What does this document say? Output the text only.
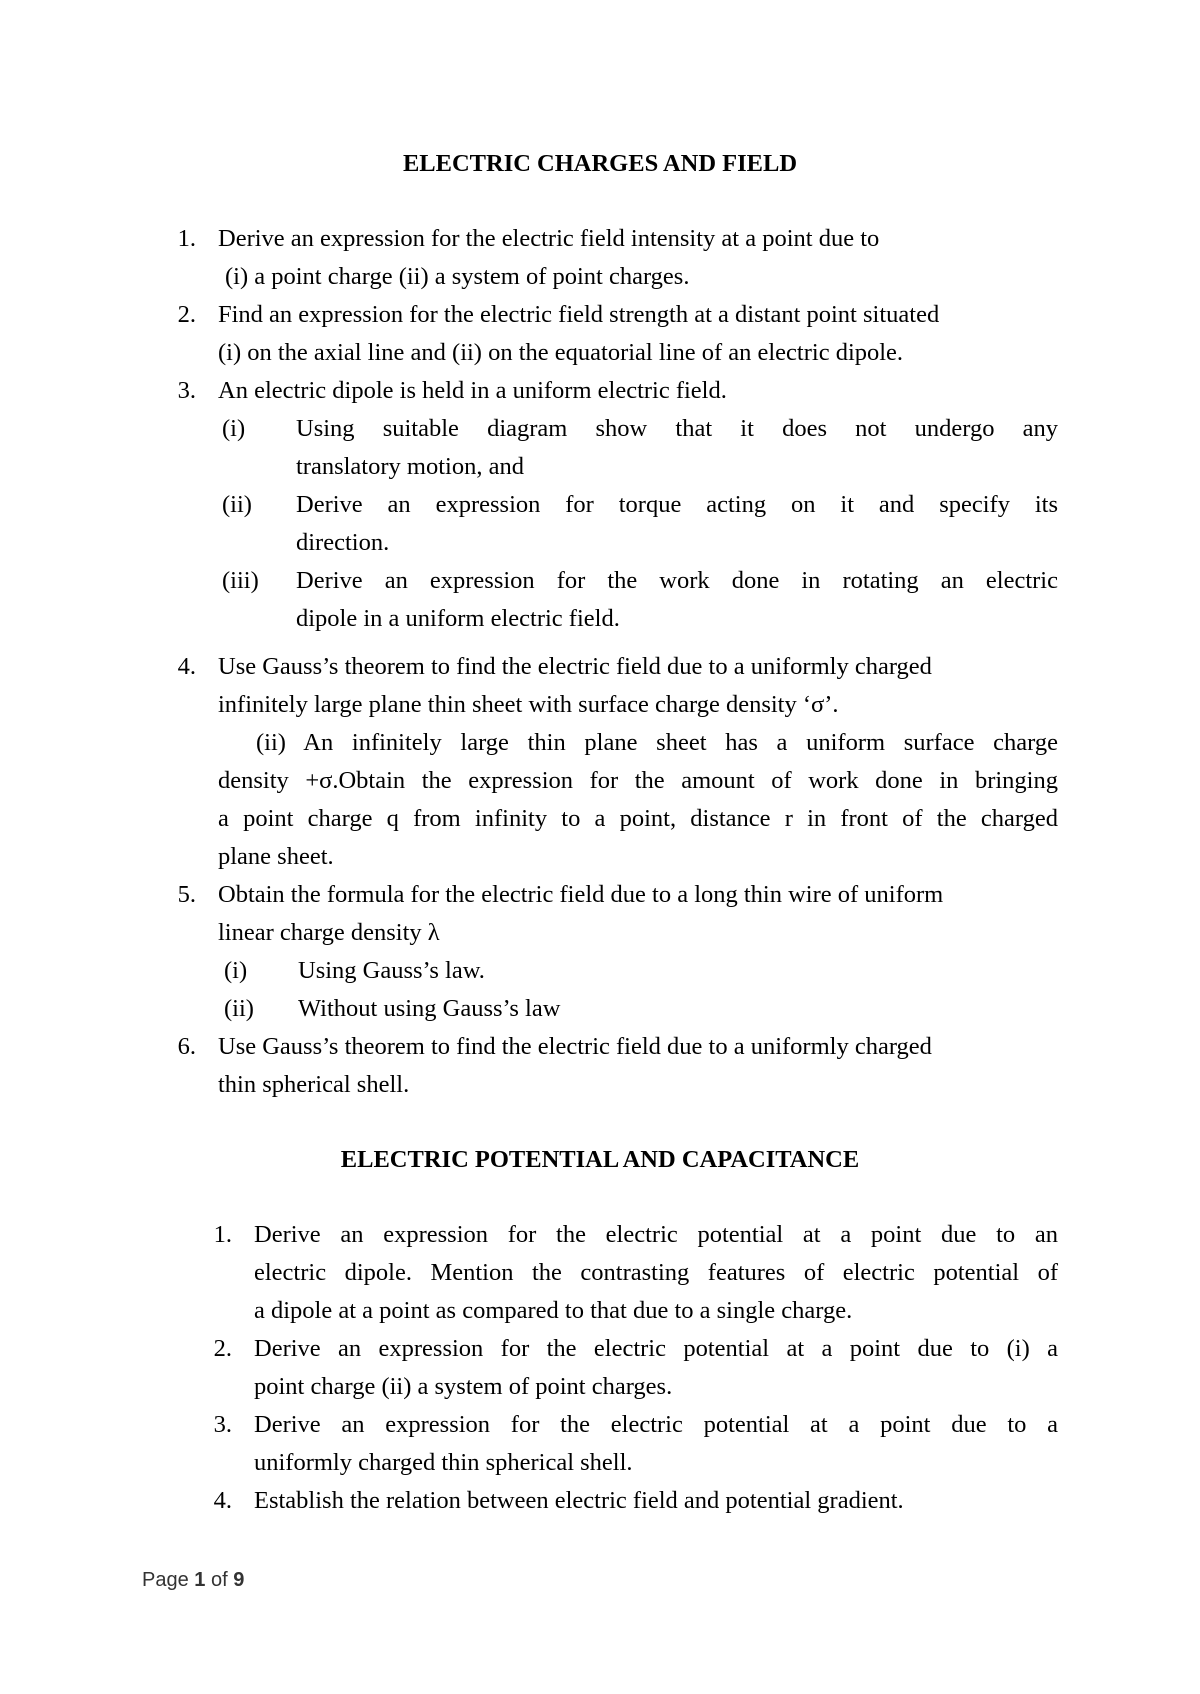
ELECTRIC CHARGES AND FIELD
1. Derive an expression for the electric field intensity at a point due to
(i) a point charge (ii) a system of point charges.
2. Find an expression for the electric field strength at a distant point situated
(i) on the axial line and (ii) on the equatorial line of an electric dipole.
3. An electric dipole is held in a uniform electric field.
(i) Using suitable diagram show that it does not undergo any
translatory motion, and
(ii) Derive an expression for torque acting on it and specify its
direction.
(iii) Derive an expression for the work done in rotating an electric
dipole in a uniform electric field.
4. Use Gauss’s theorem to find the electric field due to a uniformly charged
infinitely large plane thin sheet with surface charge density ‘σ’.
(ii) An infinitely large thin plane sheet has a uniform surface charge
density +σ.Obtain the expression for the amount of work done in bringing
a point charge q from infinity to a point, distance r in front of the charged
plane sheet.
5. Obtain the formula for the electric field due to a long thin wire of uniform
linear charge density λ
(i) Using Gauss’s law.
(ii) Without using Gauss’s law
6. Use Gauss’s theorem to find the electric field due to a uniformly charged
thin spherical shell.
ELECTRIC POTENTIAL AND CAPACITANCE
1. Derive an expression for the electric potential at a point due to an
electric dipole. Mention the contrasting features of electric potential of
a dipole at a point as compared to that due to a single charge.
2. Derive an expression for the electric potential at a point due to (i) a
point charge (ii) a system of point charges.
3. Derive an expression for the electric potential at a point due to a
uniformly charged thin spherical shell.
4. Establish the relation between electric field and potential gradient.
Page 1 of 9
